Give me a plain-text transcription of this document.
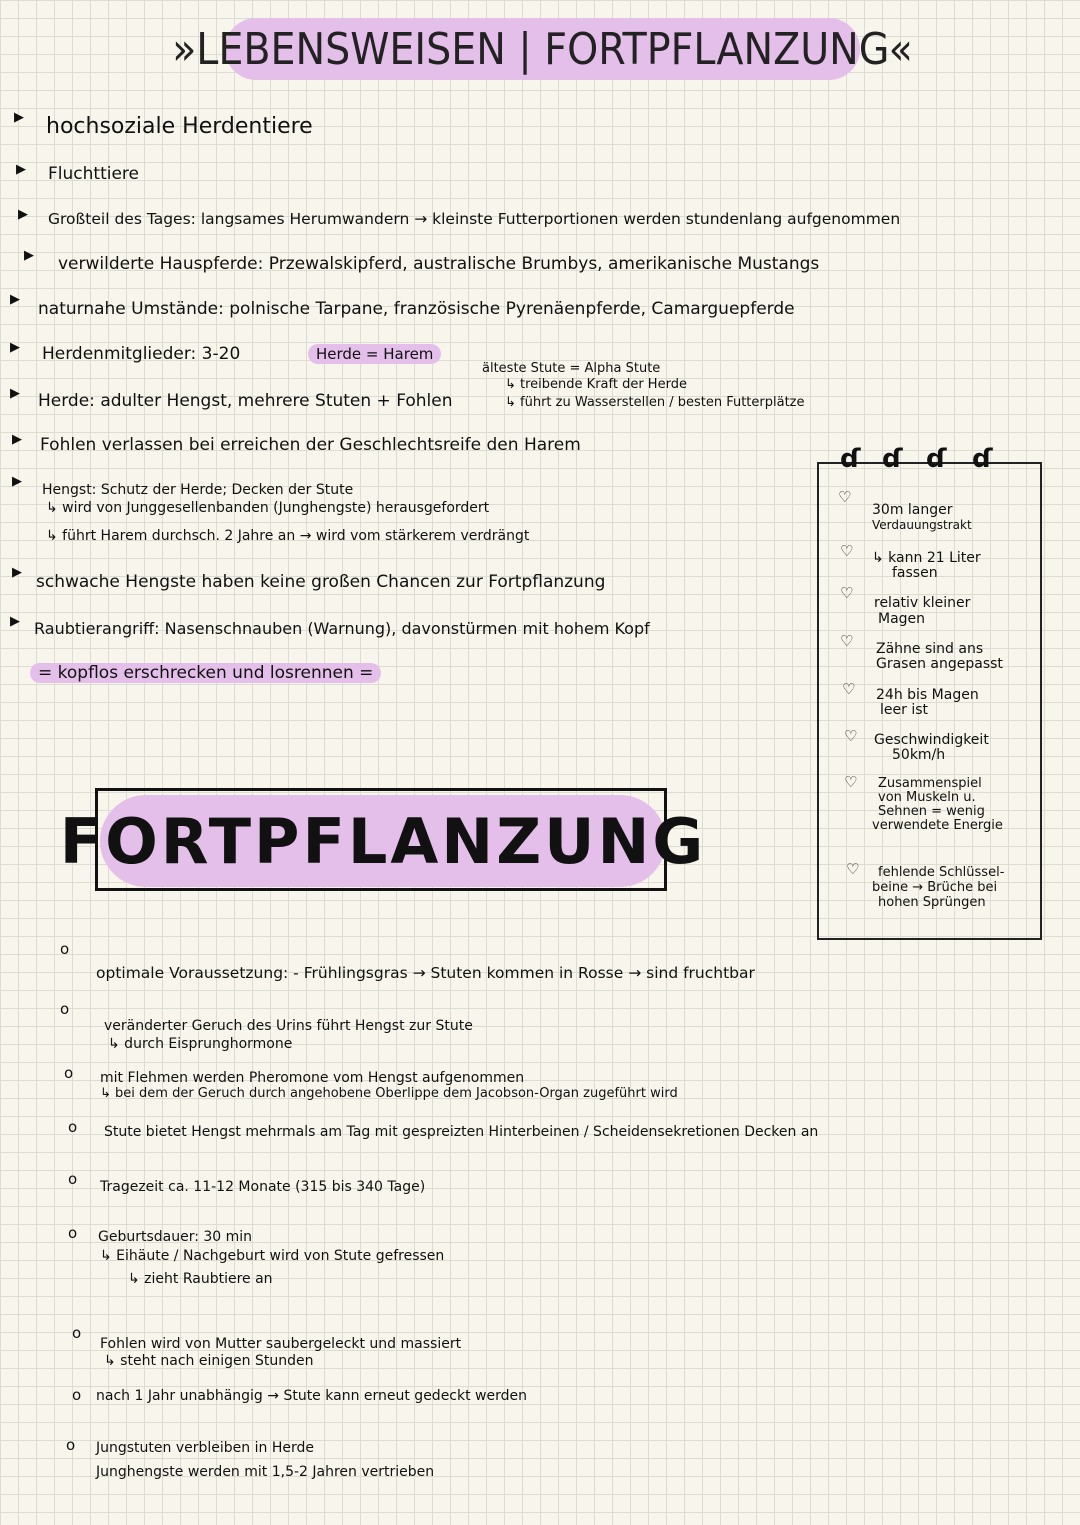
»LEBENSWEISEN | FORTPFLANZUNG«
▶ hochsoziale Herdentiere
▶ Fluchttiere
▶ Großteil des Tages: langsames Herumwandern → kleinste Futterportionen werden stundenlang aufgenommen
▶ verwilderte Hauspferde: Przewalskipferd, australische Brumbys, amerikanische Mustangs
▶ naturnahe Umstände: polnische Tarpane, französische Pyrenäenpferde, Camarguepferde
▶ Herdenmitglieder: 3-20	Herde = Harem
älteste Stute = Alpha Stute
↳ treibende Kraft der Herde
↳ führt zu Wasserstellen / besten Futterplätze
▶ Herde: adulter Hengst, mehrere Stuten + Fohlen
▶ Fohlen verlassen bei erreichen der Geschlechtsreife den Harem
▶
Hengst: Schutz der Herde; Decken der Stute
↳ wird von Junggesellenbanden (Junghengste) herausgefordert
↳ führt Harem durchsch. 2 Jahre an → wird vom stärkerem verdrängt
▶ schwache Hengste haben keine großen Chancen zur Fortpflanzung
▶ Raubtierangriff: Nasenschnauben (Warnung), davonstürmen mit hohem Kopf
= kopflos erschrecken und losrennen =
FORTPFLANZUNG
ɗ ɗ ɗ ɗ
♡
30m langer
Verdauungstrakt
♡ ↳ kann 21 Liter
fassen
♡
relativ kleiner
Magen
♡ Zähne sind ans
Grasen angepasst
♡ 24h bis Magen
leer ist
♡ Geschwindigkeit
50km/h
♡ Zusammenspiel
von Muskeln u.
Sehnen = wenig
verwendete Energie
♡ fehlende Schlüssel-
beine → Brüche bei
hohen Sprüngen
o
optimale Voraussetzung: - Frühlingsgras → Stuten kommen in Rosse → sind fruchtbar
o
veränderter Geruch des Urins führt Hengst zur Stute
↳ durch Eisprunghormone
o mit Flehmen werden Pheromone vom Hengst aufgenommen
↳ bei dem der Geruch durch angehobene Oberlippe dem Jacobson-Organ zugeführt wird
o Stute bietet Hengst mehrmals am Tag mit gespreizten Hinterbeinen / Scheidensekretionen Decken an
o Tragezeit ca. 11-12 Monate (315 bis 340 Tage)
o Geburtsdauer: 30 min
↳ Eihäute / Nachgeburt wird von Stute gefressen
↳ zieht Raubtiere an
o
Fohlen wird von Mutter saubergeleckt und massiert
↳ steht nach einigen Stunden
o nach 1 Jahr unabhängig → Stute kann erneut gedeckt werden
o Jungstuten verbleiben in Herde
Junghengste werden mit 1,5-2 Jahren vertrieben
